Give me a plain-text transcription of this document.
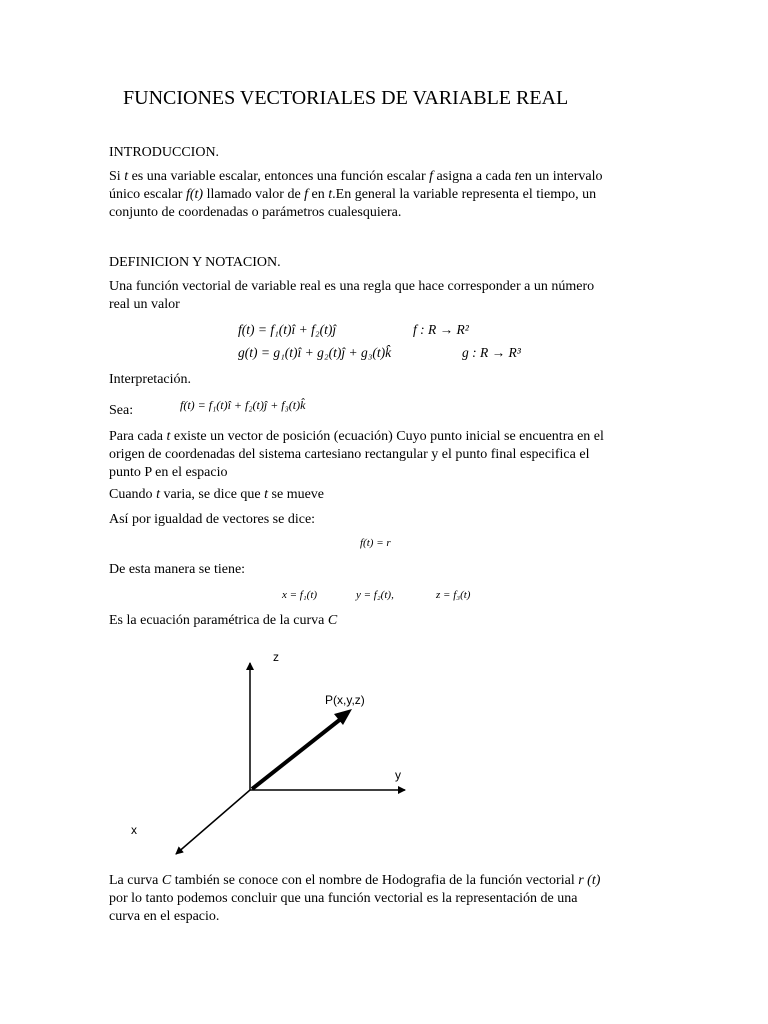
FUNCIONES VECTORIALES DE VARIABLE REAL
INTRODUCCION.
Si t es una variable escalar, entonces una función escalar f asigna a cada ten un intervalo
único escalar f(t) llamado valor de f en t.En general la variable representa el tiempo, un
conjunto de coordenadas o parámetros cualesquiera.
DEFINICION Y NOTACION.
Una función vectorial de variable real es una regla que hace corresponder a un número
real un valor
f(t) = f₁(t)î + f₂(t)ĵ	f : R → R²
g(t) = g₁(t)î + g₂(t)ĵ + g₃(t)k̂	g : R → R³
Interpretación.
Sea:	f(t) = f₁(t)î + f₂(t)ĵ + f₃(t)k̂
Para cada t existe un vector de posición (ecuación) Cuyo punto inicial se encuentra en el
origen de coordenadas del sistema cartesiano rectangular y el punto final especifica el
punto P en el espacio
Cuando t varia, se dice que t se mueve
Así por igualdad de vectores se dice:
f(t) = r
De esta manera se tiene:
x = f₁(t)	y = f₂(t),	z = f₃(t)
Es la ecuación paramétrica de la curva C
z
y
x
P(x,y,z)
La curva C también se conoce con el nombre de Hodografia de la función vectorial r (t)
por lo tanto podemos concluir que una función vectorial es la representación de una
curva en el espacio.
